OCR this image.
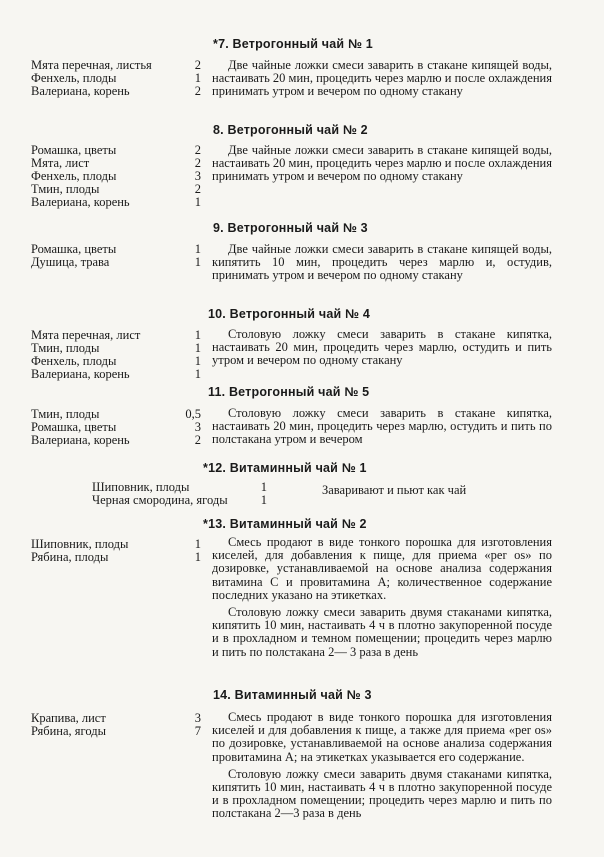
*7. Ветрогонный чай № 1
Мята перечная, листья	2
Фенхель, плоды	1
Валериана, корень	2

Две чайные ложки смеси заварить в стакане кипящей воды, настаивать 20 мин, процедить через марлю и после охлаждения принимать утром и вечером по одному стакану

8. Ветрогонный чай № 2
Ромашка, цветы	2
Мята, лист	2
Фенхель, плоды	3
Тмин, плоды	2
Валериана, корень	1

Две чайные ложки смеси заварить в стакане кипящей воды, настаивать 20 мин, процедить через марлю и после охлаждения принимать утром и вечером по одному стакану

9. Ветрогонный чай № 3
Ромашка, цветы	1
Душица, трава	1

Две чайные ложки смеси заварить в стакане кипящей воды, кипятить 10 мин, процедить через марлю и, остудив, принимать утром и вечером по одному стакану

10. Ветрогонный чай № 4
Мята перечная, лист	1
Тмин, плоды	1
Фенхель, плоды	1
Валериана, корень	1

Столовую ложку смеси заварить в стакане кипятка, настаивать 20 мин, процедить через марлю, остудить и пить утром и вечером по одному стакану

11. Ветрогонный чай № 5
Тмин, плоды	0,5
Ромашка, цветы	3
Валериана, корень	2

Столовую ложку смеси заварить в стакане кипятка, настаивать 20 мин, процедить через марлю, остудить и пить по полстакана утром и вечером

*12. Витаминный чай № 1
Шиповник, плоды	1
Черная смородина, ягоды	1
Заваривают и пьют как чай
*13. Витаминный чай № 2
Шиповник, плоды	1
Рябина, плоды	1

Смесь продают в виде тонкого порошка для изготовления киселей, для добавления к пище, для приема «per os» по дозировке, устанавливаемой на основе анализа содержания витамина С и провитамина А; количественное содержание последних указано на этикетках.

Столовую ложку смеси заварить двумя стаканами кипятка, кипятить 10 мин, настаивать 4 ч в плотно закупоренной посуде и в прохладном и темном помещении; процедить через марлю и пить по полстакана 2— 3 раза в день

14. Витаминный чай № 3
Крапива, лист	3
Рябина, ягоды	7

Смесь продают в виде тонкого порошка для изготовления киселей и для добавления к пище, а также для приема «per os» по дозировке, устанавливаемой на основе анализа содержания провитамина А; на этикетках указывается его содержание.

Столовую ложку смеси заварить двумя стаканами кипятка, кипятить 10 мин, настаивать 4 ч в плотно закупоренной посуде и в прохладном помещении; процедить через марлю и пить по полстакана 2—3 раза в день
